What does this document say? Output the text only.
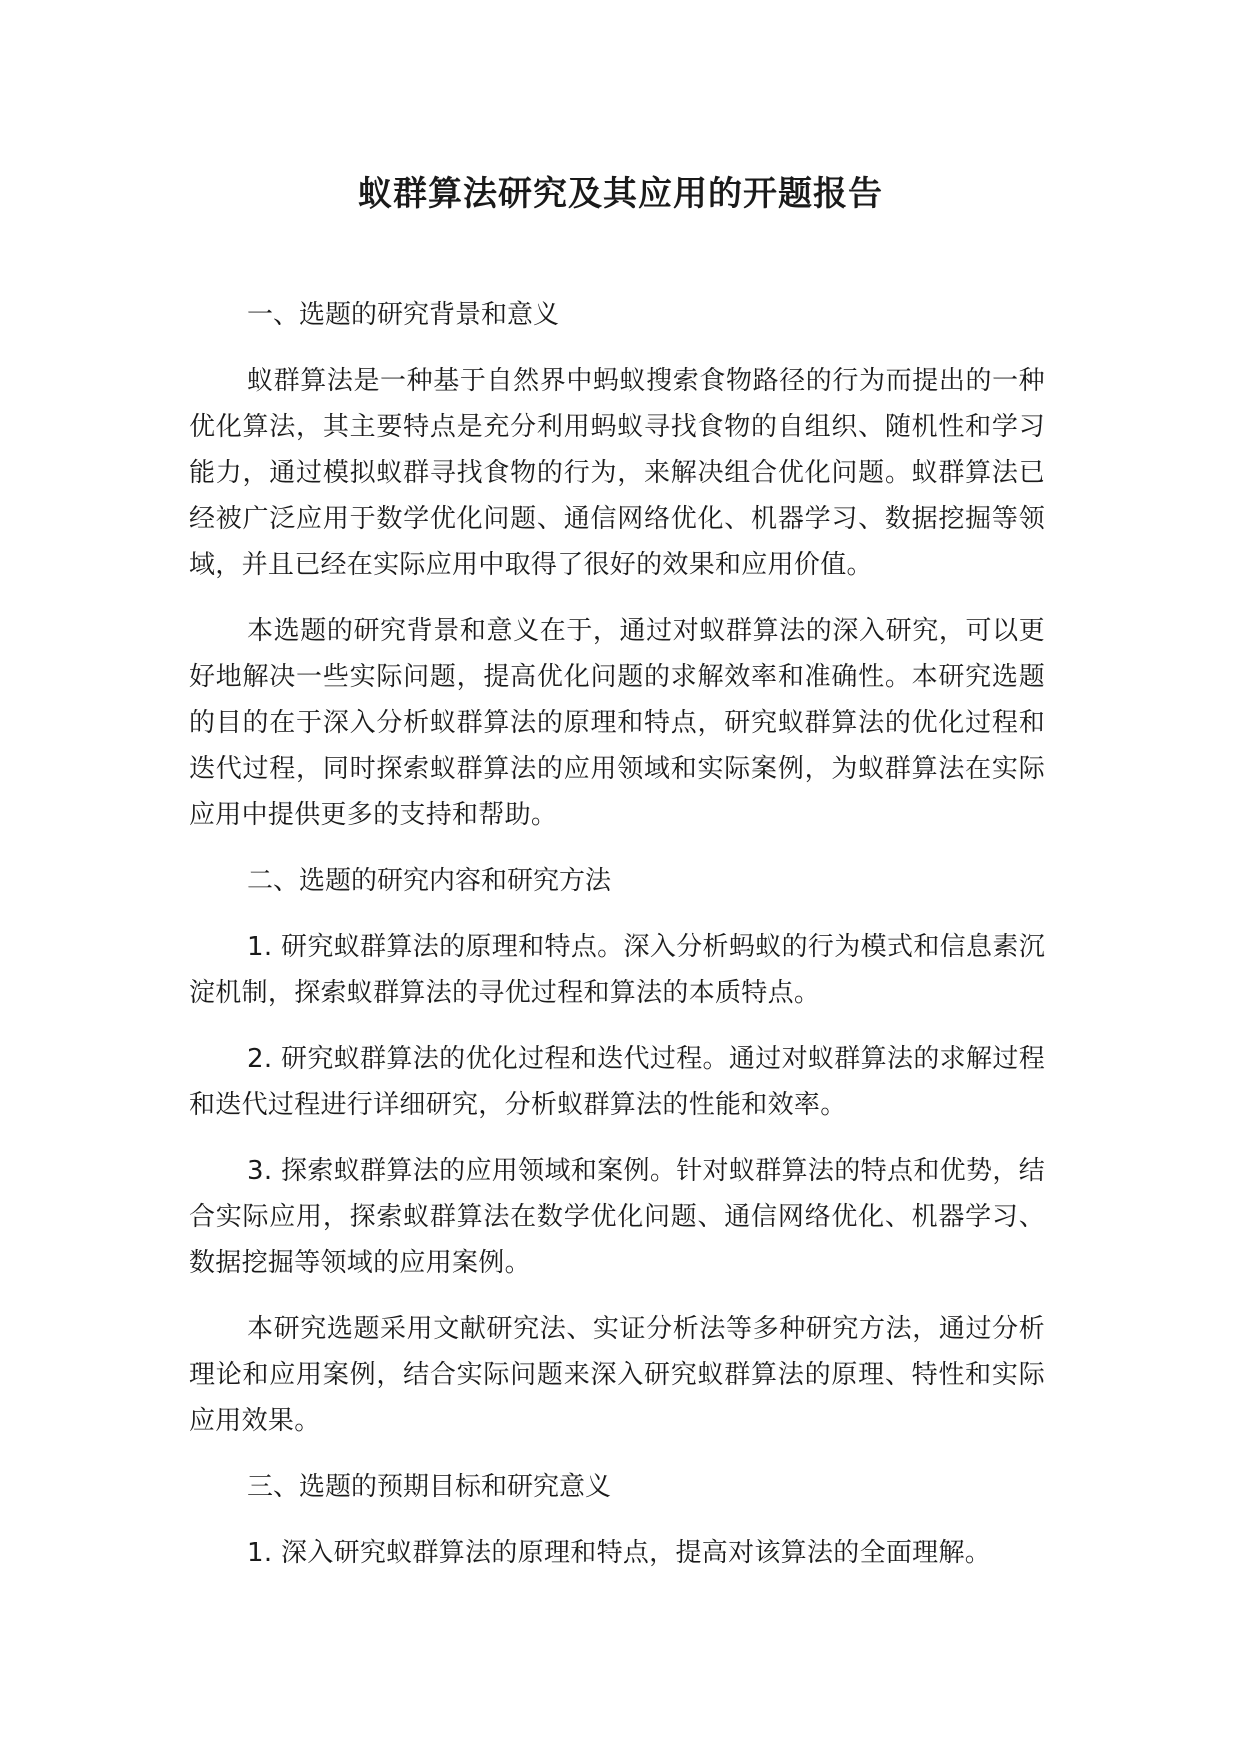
蚁群算法研究及其应用的开题报告

一、选题的研究背景和意义

蚁群算法是一种基于自然界中蚂蚁搜索食物路径的行为而提出的一种优化算法，其主要特点是充分利用蚂蚁寻找食物的自组织、随机性和学习能力，通过模拟蚁群寻找食物的行为，来解决组合优化问题。蚁群算法已经被广泛应用于数学优化问题、通信网络优化、机器学习、数据挖掘等领域，并且已经在实际应用中取得了很好的效果和应用价值。

本选题的研究背景和意义在于，通过对蚁群算法的深入研究，可以更好地解决一些实际问题，提高优化问题的求解效率和准确性。本研究选题的目的在于深入分析蚁群算法的原理和特点，研究蚁群算法的优化过程和迭代过程，同时探索蚁群算法的应用领域和实际案例，为蚁群算法在实际应用中提供更多的支持和帮助。

二、选题的研究内容和研究方法

1. 研究蚁群算法的原理和特点。深入分析蚂蚁的行为模式和信息素沉淀机制，探索蚁群算法的寻优过程和算法的本质特点。

2. 研究蚁群算法的优化过程和迭代过程。通过对蚁群算法的求解过程和迭代过程进行详细研究，分析蚁群算法的性能和效率。

3. 探索蚁群算法的应用领域和案例。针对蚁群算法的特点和优势，结合实际应用，探索蚁群算法在数学优化问题、通信网络优化、机器学习、数据挖掘等领域的应用案例。

本研究选题采用文献研究法、实证分析法等多种研究方法，通过分析理论和应用案例，结合实际问题来深入研究蚁群算法的原理、特性和实际应用效果。

三、选题的预期目标和研究意义

1. 深入研究蚁群算法的原理和特点，提高对该算法的全面理解。
